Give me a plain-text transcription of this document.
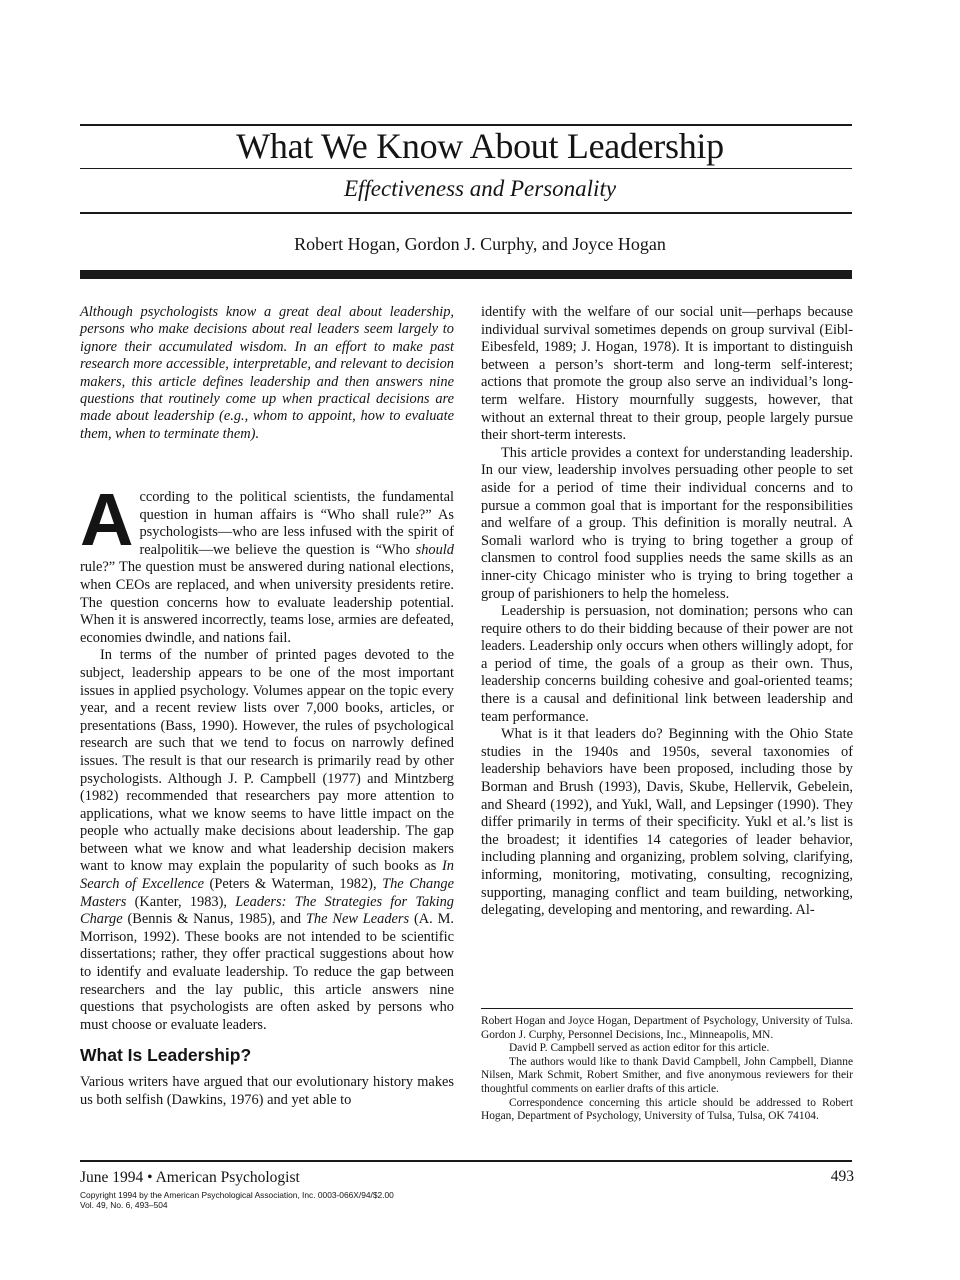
What We Know About Leadership
Effectiveness and Personality
Robert Hogan, Gordon J. Curphy, and Joyce Hogan
Although psychologists know a great deal about leadership, persons who make decisions about real leaders seem largely to ignore their accumulated wisdom. In an effort to make past research more accessible, interpretable, and relevant to decision makers, this article defines leadership and then answers nine questions that routinely come up when practical decisions are made about leadership (e.g., whom to appoint, how to evaluate them, when to terminate them).

According to the political scientists, the fundamental question in human affairs is “Who shall rule?” As psychologists—who are less infused with the spirit of realpolitik—we believe the question is “Who should rule?” The question must be answered during national elections, when CEOs are replaced, and when university presidents retire. The question concerns how to evaluate leadership potential. When it is answered incorrectly, teams lose, armies are defeated, economies dwindle, and nations fail.

In terms of the number of printed pages devoted to the subject, leadership appears to be one of the most important issues in applied psychology. Volumes appear on the topic every year, and a recent review lists over 7,000 books, articles, or presentations (Bass, 1990). However, the rules of psychological research are such that we tend to focus on narrowly defined issues. The result is that our research is primarily read by other psychologists. Although J. P. Campbell (1977) and Mintzberg (1982) recommended that researchers pay more attention to applications, what we know seems to have little impact on the people who actually make decisions about leadership. The gap between what we know and what leadership decision makers want to know may explain the popularity of such books as In Search of Excellence (Peters & Waterman, 1982), The Change Masters (Kanter, 1983), Leaders: The Strategies for Taking Charge (Bennis & Nanus, 1985), and The New Leaders (A. M. Morrison, 1992). These books are not intended to be scientific dissertations; rather, they offer practical suggestions about how to identify and evaluate leadership. To reduce the gap between researchers and the lay public, this article answers nine questions that psychologists are often asked by persons who must choose or evaluate leaders.

What Is Leadership?

Various writers have argued that our evolutionary history makes us both selfish (Dawkins, 1976) and yet able to

identify with the welfare of our social unit—perhaps because individual survival sometimes depends on group survival (Eibl-Eibesfeld, 1989; J. Hogan, 1978). It is important to distinguish between a person’s short-term and long-term self-interest; actions that promote the group also serve an individual’s long-term welfare. History mournfully suggests, however, that without an external threat to their group, people largely pursue their short-term interests.

This article provides a context for understanding leadership. In our view, leadership involves persuading other people to set aside for a period of time their individual concerns and to pursue a common goal that is important for the responsibilities and welfare of a group. This definition is morally neutral. A Somali warlord who is trying to bring together a group of clansmen to control food supplies needs the same skills as an inner-city Chicago minister who is trying to bring together a group of parishioners to help the homeless.

Leadership is persuasion, not domination; persons who can require others to do their bidding because of their power are not leaders. Leadership only occurs when others willingly adopt, for a period of time, the goals of a group as their own. Thus, leadership concerns building cohesive and goal-oriented teams; there is a causal and definitional link between leadership and team performance.

What is it that leaders do? Beginning with the Ohio State studies in the 1940s and 1950s, several taxonomies of leadership behaviors have been proposed, including those by Borman and Brush (1993), Davis, Skube, Hellervik, Gebelein, and Sheard (1992), and Yukl, Wall, and Lepsinger (1990). They differ primarily in terms of their specificity. Yukl et al.’s list is the broadest; it identifies 14 categories of leader behavior, including planning and organizing, problem solving, clarifying, informing, monitoring, motivating, consulting, recognizing, supporting, managing conflict and team building, networking, delegating, developing and mentoring, and rewarding. Al-

Robert Hogan and Joyce Hogan, Department of Psychology, University of Tulsa. Gordon J. Curphy, Personnel Decisions, Inc., Minneapolis, MN.

David P. Campbell served as action editor for this article.

The authors would like to thank David Campbell, John Campbell, Dianne Nilsen, Mark Schmit, Robert Smither, and five anonymous reviewers for their thoughtful comments on earlier drafts of this article.

Correspondence concerning this article should be addressed to Robert Hogan, Department of Psychology, University of Tulsa, Tulsa, OK 74104.

June 1994 • American Psychologist	493
Copyright 1994 by the American Psychological Association, Inc. 0003-066X/94/$2.00
Vol. 49, No. 6, 493–504
